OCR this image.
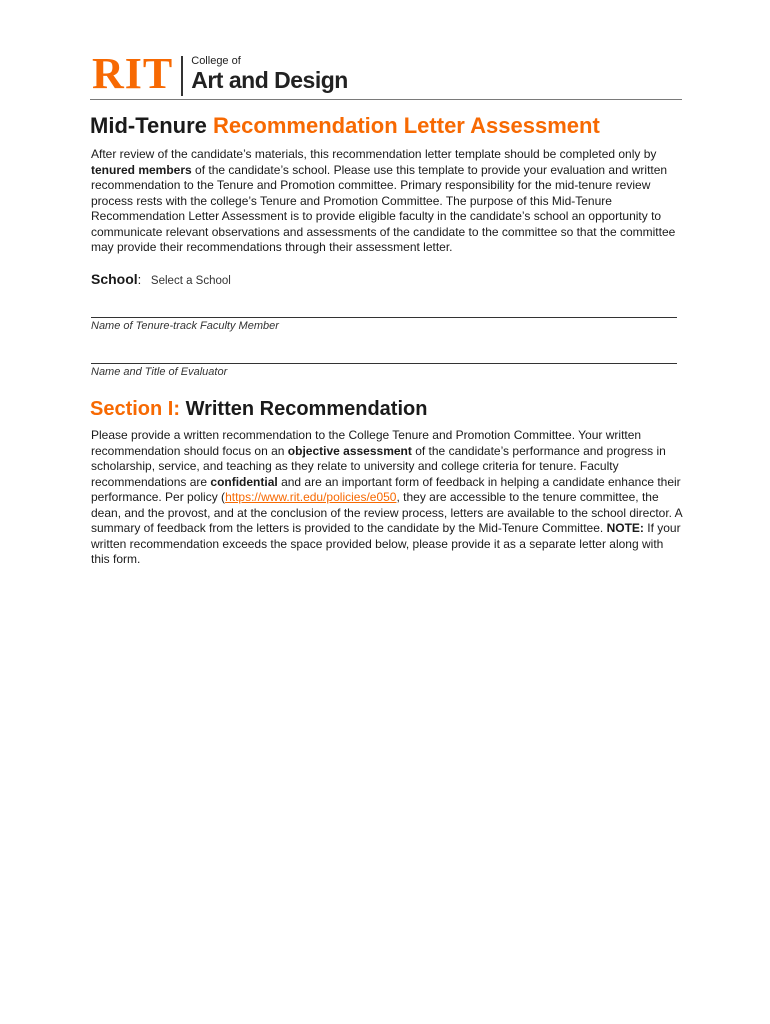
RIT College of
Art and Design
Mid-Tenure Recommendation Letter Assessment

After review of the candidate’s materials, this recommendation letter template should be completed only by tenured members of the candidate’s school. Please use this template to provide your evaluation and written recommendation to the Tenure and Promotion committee. Primary responsibility for the mid-tenure review process rests with the college’s Tenure and Promotion Committee. The purpose of this Mid-Tenure Recommendation Letter Assessment is to provide eligible faculty in the candidate’s school an opportunity to communicate relevant observations and assessments of the candidate to the committee so that the committee may provide their recommendations through their assessment letter.

School: Select a School
Name of Tenure-track Faculty Member
Name and Title of Evaluator
Section I: Written Recommendation

Please provide a written recommendation to the College Tenure and Promotion Committee. Your written recommendation should focus on an objective assessment of the candidate’s performance and progress in scholarship, service, and teaching as they relate to university and college criteria for tenure. Faculty recommendations are confidential and are an important form of feedback in helping a candidate enhance their performance. Per policy (https://www.rit.edu/policies/e050, they are accessible to the tenure committee, the dean, and the provost, and at the conclusion of the review process, letters are available to the school director. A summary of feedback from the letters is provided to the candidate by the Mid-Tenure Committee. NOTE: If your written recommendation exceeds the space provided below, please provide it as a separate letter along with this form.
